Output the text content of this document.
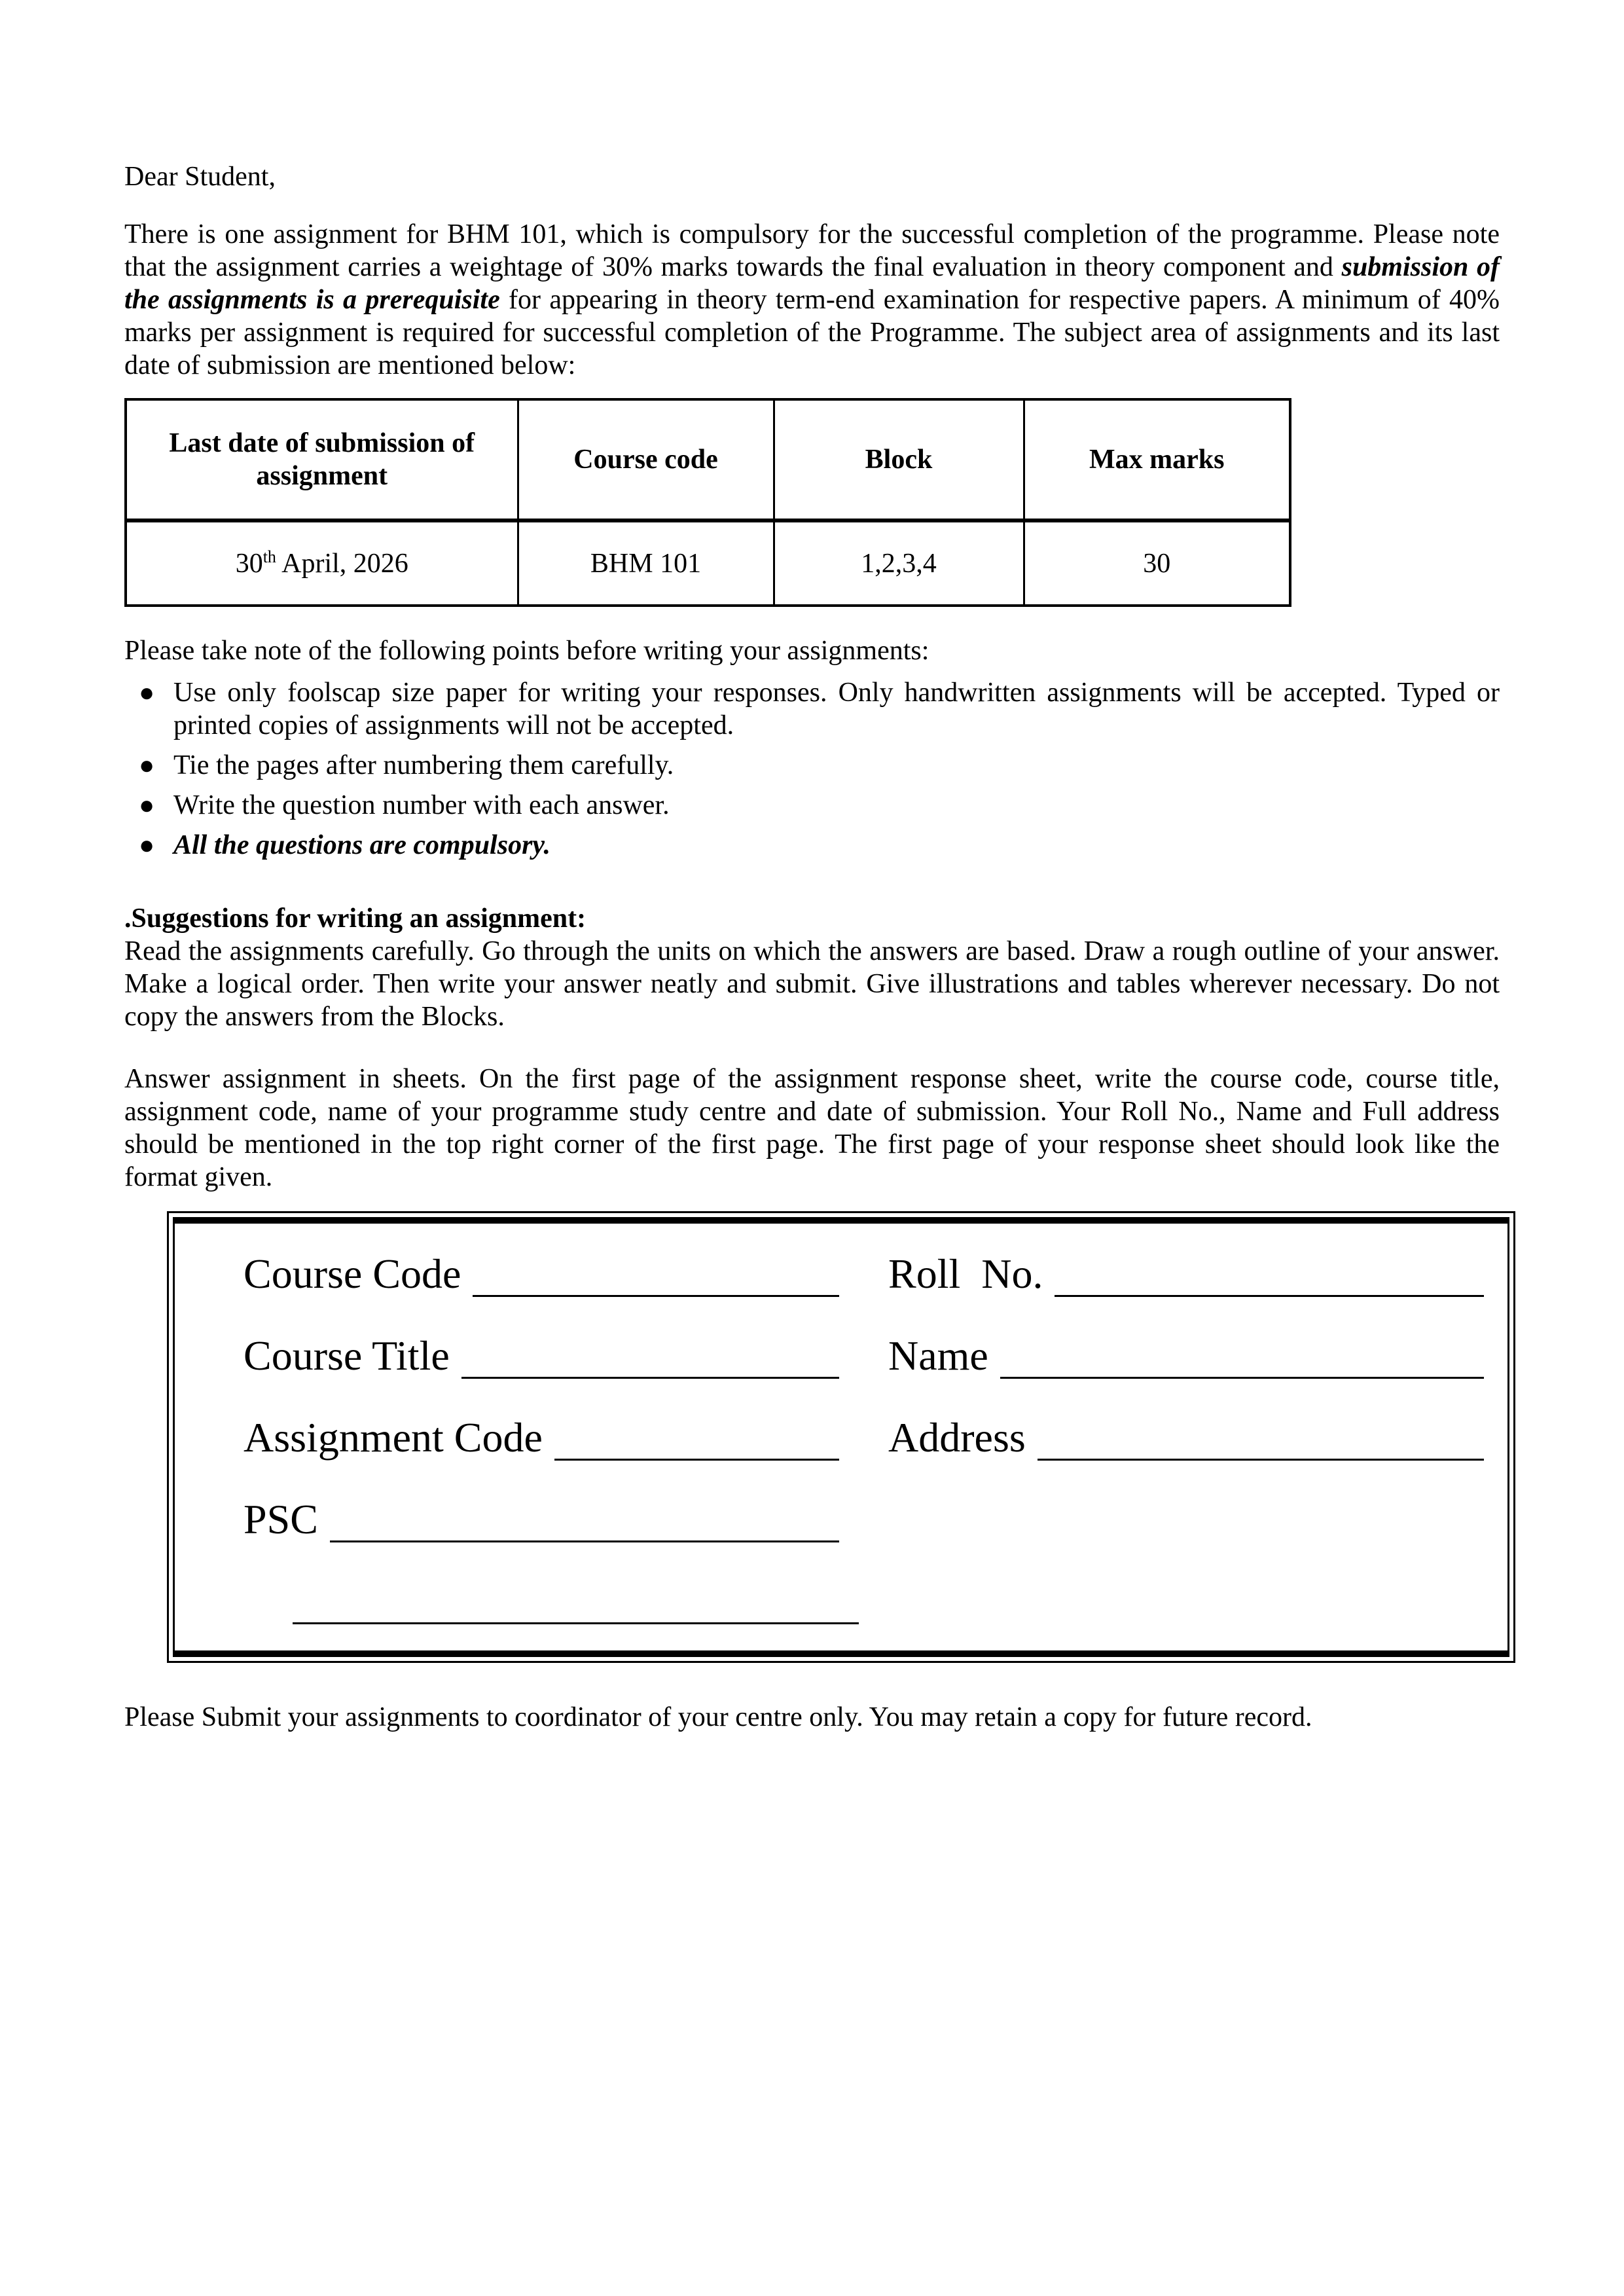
Dear Student,

There is one assignment for BHM 101, which is compulsory for the successful completion of the programme. Please note that the assignment carries a weightage of 30% marks towards the final evaluation in theory component and submission of the assignments is a prerequisite for appearing in theory term-end examination for respective papers. A minimum of 40% marks per assignment is required for successful completion of the Programme. The subject area of assignments and its last date of submission are mentioned below:

Last date of submission of assignment	Course code	Block	Max marks
30th April, 2026	BHM 101	1,2,3,4	30

Please take note of the following points before writing your assignments:

● Use only foolscap size paper for writing your responses. Only handwritten assignments will be accepted. Typed or printed copies of assignments will not be accepted.
● Tie the pages after numbering them carefully.
● Write the question number with each answer.
● All the questions are compulsory.

.Suggestions for writing an assignment:

Read the assignments carefully. Go through the units on which the answers are based. Draw a rough outline of your answer. Make a logical order. Then write your answer neatly and submit. Give illustrations and tables wherever necessary. Do not copy the answers from the Blocks.

Answer assignment in sheets. On the first page of the assignment response sheet, write the course code, course title, assignment code, name of your programme study centre and date of submission. Your Roll No., Name and Full address should be mentioned in the top right corner of the first page. The first page of your response sheet should look like the format given.

Course Code	Roll  No.
Course Title	Name
Assignment Code	Address
PSC

Please Submit your assignments to coordinator of your centre only. You may retain a copy for future record.
